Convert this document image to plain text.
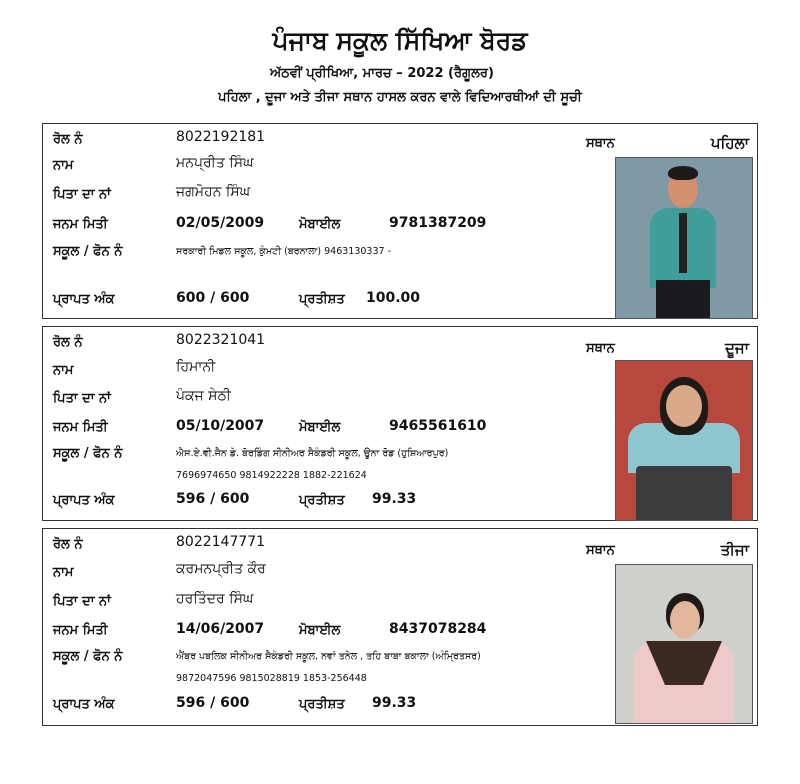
ਪੰਜਾਬ ਸਕੂਲ ਸਿੱਖਿਆ ਬੋਰਡ
ਅੱਠਵੀਂ ਪ੍ਰੀਖਿਆ, ਮਾਰਚ – 2022 (ਰੈਗੂਲਰ)
ਪਹਿਲਾ , ਦੂਜਾ ਅਤੇ ਤੀਜਾ ਸਥਾਨ ਹਾਸਲ ਕਰਨ ਵਾਲੇ ਵਿਦਿਆਰਥੀਆਂ ਦੀ ਸੂਚੀ
ਰੋਲ ਨੰ	8022192181
ਨਾਮ	ਮਨਪ੍ਰੀਤ ਸਿੰਘ
ਪਿਤਾ ਦਾ ਨਾਂ	ਜਗਮੋਹਨ ਸਿੰਘ
ਜਨਮ ਮਿਤੀ	02/05/2009	ਮੋਬਾਈਲ	9781387209
ਸਕੂਲ / ਫੋਨ ਨੰ	ਸਰਕਾਰੀ ਮਿਡਲ ਸਕੂਲ, ਕੁੰਮਟੀ (ਬਰਨਾਲਾ) 9463130337 -
ਪ੍ਰਾਪਤ ਅੰਕ	600 / 600	ਪ੍ਰਤੀਸ਼ਤ 100.00
ਸਥਾਨ	ਪਹਿਲਾ
ਰੋਲ ਨੰ	8022321041
ਨਾਮ	ਹਿਮਾਨੀ
ਪਿਤਾ ਦਾ ਨਾਂ	ਪੰਕਜ ਸੇਠੀ
ਜਨਮ ਮਿਤੀ	05/10/2007	ਮੋਬਾਈਲ	9465561610
ਸਕੂਲ / ਫੋਨ ਨੰ	ਐਸ.ਏ.ਵੀ.ਜੈਨ ਡੇ. ਬੋਰਡਿੰਗ ਸੀਨੀਅਰ ਸੈਕੰਡਰੀ ਸਕੂਲ, ਊਨਾ ਰੋਡ (ਹੁਸ਼ਿਆਰਪੁਰ)
7696974650 9814922228 1882-221624
ਪ੍ਰਾਪਤ ਅੰਕ	596 / 600	ਪ੍ਰਤੀਸ਼ਤ 99.33
ਸਥਾਨ	ਦੂਜਾ
ਰੋਲ ਨੰ	8022147771
ਨਾਮ	ਕਰਮਨਪ੍ਰੀਤ ਕੌਰ
ਪਿਤਾ ਦਾ ਨਾਂ	ਹਰਤਿੰਦਰ ਸਿੰਘ
ਜਨਮ ਮਿਤੀ	14/06/2007	ਮੋਬਾਈਲ	8437078284
ਸਕੂਲ / ਫੋਨ ਨੰ	ਐਂਬਰ ਪਬਲਿਕ ਸੀਨੀਅਰ ਸੈਕੰਡਰੀ ਸਕੂਲ, ਨਵਾਂ ਤਨੇਲ , ਤਹਿ ਬਾਬਾ ਬਕਾਲਾ (ਅੰਮ੍ਰਿਤਸਰ)
9872047596 9815028819 1853-256448
ਪ੍ਰਾਪਤ ਅੰਕ	596 / 600	ਪ੍ਰਤੀਸ਼ਤ 99.33
ਸਥਾਨ	ਤੀਜਾ
